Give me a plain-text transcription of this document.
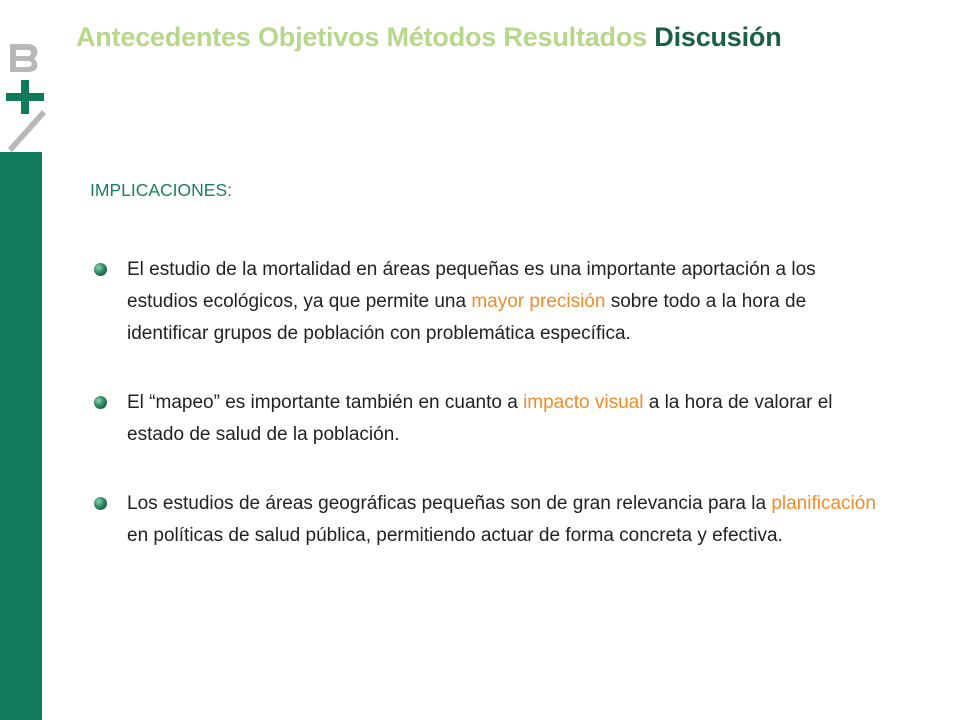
Antecedentes Objetivos Métodos Resultados Discusión
IMPLICACIONES:
El estudio de la mortalidad en áreas pequeñas es una importante aportación a los estudios ecológicos, ya que permite una mayor precisión sobre todo a la hora de identificar grupos de población con problemática específica.
El “mapeo” es importante también en cuanto a impacto visual a la hora de valorar el estado de salud de la población.
Los estudios de áreas geográficas pequeñas son de gran relevancia para la planificación en políticas de salud pública, permitiendo actuar de forma concreta y efectiva.
